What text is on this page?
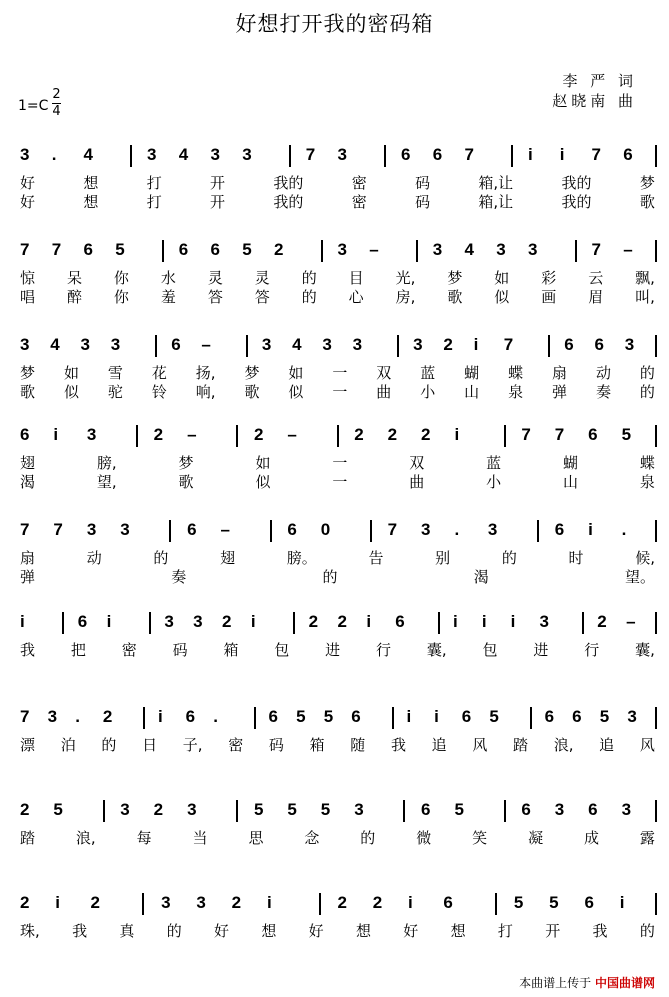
好想打开我的密码箱
李 严 词
赵晓南 曲
1=C
2
4
3 . 4	3 4 3 3	7 3	6 6 7	i i 7 6
好	想	打	开	我的	密	码	箱,让	我的	梦
好	想	打	开	我的	密	码	箱,让	我的	歌
7 7 6 5	6 6 5 2	3 –	3 4 3 3	7 –
惊 呆 你 水 灵 灵 的 目 光, 梦 如 彩 云 飘,
唱 醉 你 羞 答 答 的 心 房, 歌 似 画 眉 叫,
3 4 3 3	6 –	3 4 3 3	3 2 i 7	6 6 3
梦 如 雪 花 扬, 梦 如 一 双 蓝 蝴 蝶 扇 动 的
歌 似 驼 铃 响, 歌 似 一 曲 小 山 泉 弹 奏 的
6 i 3	2 –	2 –	2 2 2 i	7 7 6 5
翅	膀,	梦	如	一	双	蓝	蝴	蝶
渴	望,	歌	似	一	曲	小	山	泉
7 7 3 3	6 –	6 0	7 3 . 3	6 i .
扇	动	的	翅	膀。	告	别	的	时	候,
弹	奏	的	渴	望。
i	6 i	3 3 2 i	2 2 i 6	i i i 3	2 –
我 把 密 码 箱 包 进 行 囊, 包 进 行 囊,
7 3 . 2	i 6 .	6 5 5 6	i i 6 5	6 6 5 3
漂 泊 的 日 子, 密 码 箱 随 我 追 风 踏 浪, 追 风
2 5	3 2 3	5 5 5 3	6 5	6 3 6 3
踏	浪,	每	当	思	念	的	微	笑	凝	成	露
2 i 2	3 3 2 i	2 2 i 6	5 5 6 i
珠, 我 真 的 好 想 好 想 好 想 打 开 我 的
本曲谱上传于 中国曲谱网
